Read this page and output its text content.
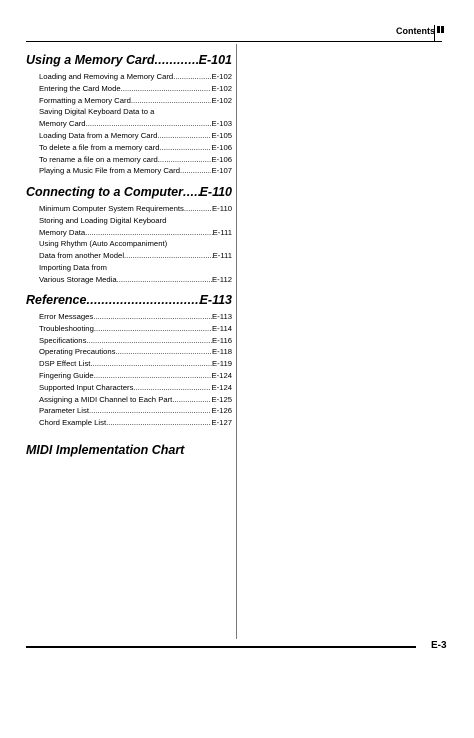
Contents
Using a Memory Card . . .	E-101
Loading and Removing a Memory Card .....	E-102
Entering the Card Mode .....	E-102
Formatting a Memory Card .....	E-102
Saving Digital Keyboard Data to a
Memory Card .....	E-103
Loading Data from a Memory Card .....	E-105
To delete a file from a memory card .....	E-106
To rename a file on a memory card .....	E-106
Playing a Music File from a Memory Card .....	E-107
Connecting to a Computer . . . E-110
Minimum Computer System Requirements .....	E-110
Storing and Loading Digital Keyboard
Memory Data .....	E-111
Using Rhythm (Auto Accompaniment)
Data from another Model .....	E-111
Importing Data from
Various Storage Media .....	E-112
Reference . . .	E-113
Error Messages .....	E-113
Troubleshooting .....	E-114
Specifications .....	E-116
Operating Precautions .....	E-118
DSP Effect List .....	E-119
Fingering Guide .....	E-124
Supported Input Characters .....	E-124
Assigning a MIDI Channel to Each Part .....	E-125
Parameter List .....	E-126
Chord Example List .....	E-127
MIDI Implementation Chart
E-3
